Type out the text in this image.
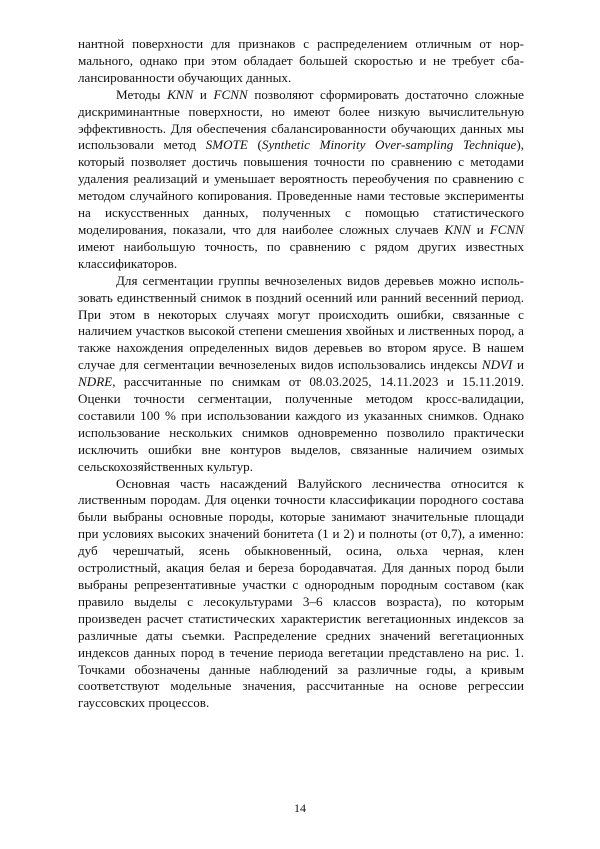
нантной поверхности для признаков с распределением отличным от нормального, однако при этом обладает большей скоростью и не требует сбалансированности обучающих данных.

Методы KNN и FCNN позволяют сформировать достаточно сложные дискриминантные поверхности, но имеют более низкую вычислительную эффективность. Для обеспечения сбалансированности обучающих данных мы использовали метод SMOTE (Synthetic Minority Over-sampling Technique), который позволяет достичь повышения точности по сравнению с методами удаления реализаций и уменьшает вероятность переобучения по сравнению с методом случайного копирования. Проведенные нами тестовые эксперименты на искусственных данных, полученных с помощью статистического моделирования, показали, что для наиболее сложных случаев KNN и FCNN имеют наибольшую точность, по сравнению с рядом других известных классификаторов.

Для сегментации группы вечнозеленых видов деревьев можно использовать единственный снимок в поздний осенний или ранний весенний период. При этом в некоторых случаях могут происходить ошибки, связанные с наличием участков высокой степени смешения хвойных и лиственных пород, а также нахождения определенных видов деревьев во втором ярусе. В нашем случае для сегментации вечнозеленых видов использовались индексы NDVI и NDRE, рассчитанные по снимкам от 08.03.2025, 14.11.2023 и 15.11.2019. Оценки точности сегментации, полученные методом кросс-валидации, составили 100 % при использовании каждого из указанных снимков. Однако использование нескольких снимков одновременно позволило практически исключить ошибки вне контуров выделов, связанные наличием озимых сельскохозяйственных культур.

Основная часть насаждений Валуйского лесничества относится к лиственным породам. Для оценки точности классификации породного состава были выбраны основные породы, которые занимают значительные площади при условиях высоких значений бонитета (1 и 2) и полноты (от 0,7), а именно: дуб черешчатый, ясень обыкновенный, осина, ольха черная, клен остролистный, акация белая и береза бородавчатая. Для данных пород были выбраны репрезентативные участки с однородным породным составом (как правило выделы с лесокультурами 3–6 классов возраста), по которым произведен расчет статистических характеристик вегетационных индексов за различные даты съемки. Распределение средних значений вегетационных индексов данных пород в течение периода вегетации представлено на рис. 1. Точками обозначены данные наблюдений за различные годы, а кривым соответствуют модельные значения, рассчитанные на основе регрессии гауссовских процессов.

14
